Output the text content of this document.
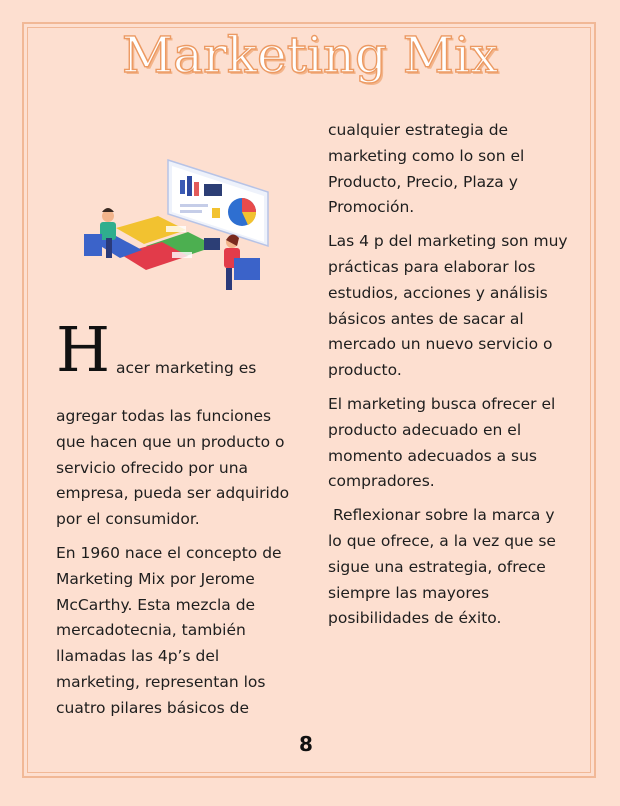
Marketing Mix
H acer marketing es

agregar todas las funciones que hacen que un producto o servicio ofrecido por una empresa, pueda ser adquirido por el consumidor.

En 1960 nace el concepto de Marketing Mix por Jerome McCarthy. Esta mezcla de mercadotecnia, también llamadas las 4p’s del marketing, representan los cuatro pilares básicos de

cualquier estrategia de marketing como lo son el Producto, Precio, Plaza y Promoción.

Las 4 p del marketing son muy prácticas para elaborar los estudios, acciones y análisis básicos antes de sacar al mercado un nuevo servicio o producto.

El marketing busca ofrecer el producto adecuado en el momento adecuados a sus compradores.

Reflexionar sobre la marca y lo que ofrece, a la vez que se sigue una estrategia, ofrece siempre las mayores posibilidades de éxito.

8
